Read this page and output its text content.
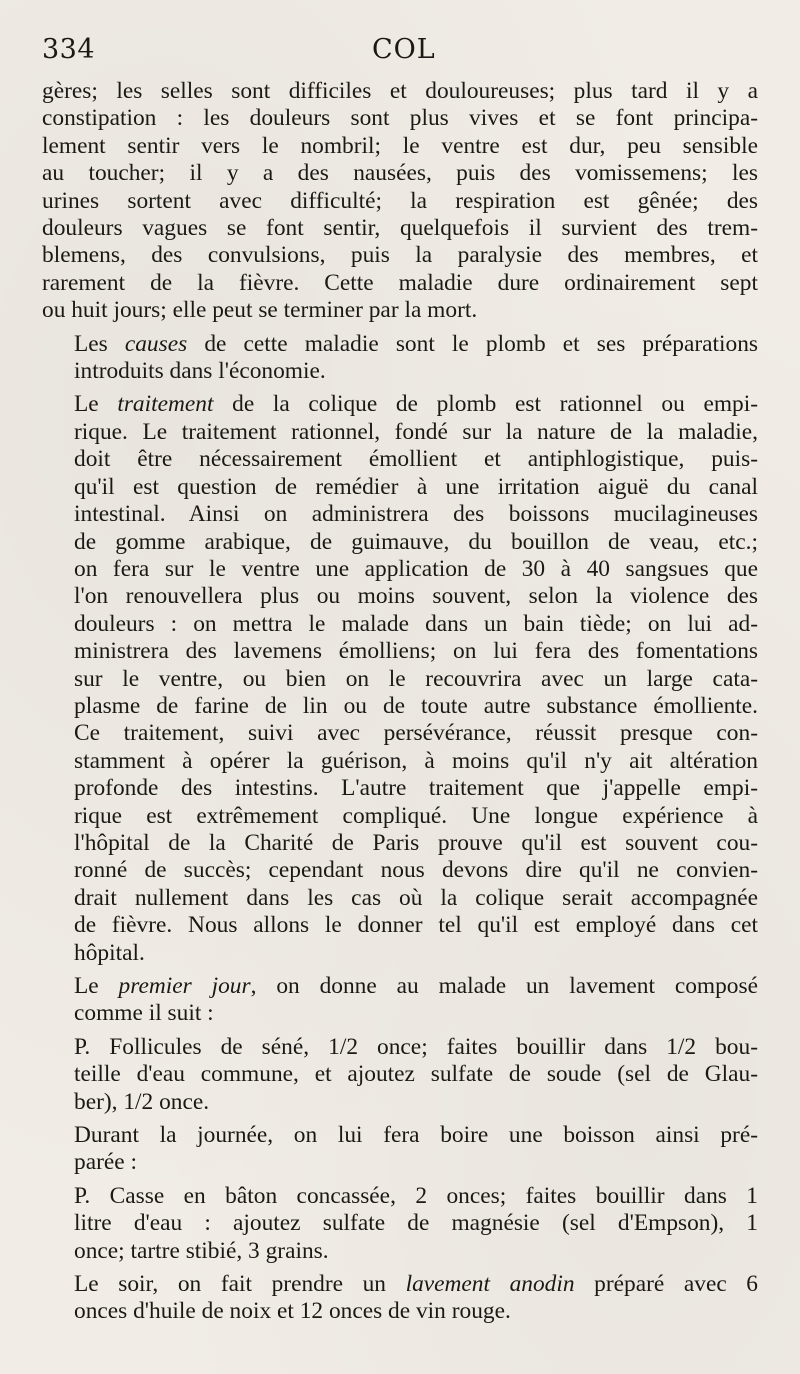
334	COL

gères; les selles sont difficiles et douloureuses; plus tard il y a
constipation : les douleurs sont plus vives et se font principa-
lement sentir vers le nombril; le ventre est dur, peu sensible
au toucher; il y a des nausées, puis des vomissemens; les
urines sortent avec difficulté; la respiration est gênée; des
douleurs vagues se font sentir, quelquefois il survient des trem-
blemens, des convulsions, puis la paralysie des membres, et
rarement de la fièvre. Cette maladie dure ordinairement sept
ou huit jours; elle peut se terminer par la mort.

Les causes de cette maladie sont le plomb et ses préparations
introduits dans l'économie.

Le traitement de la colique de plomb est rationnel ou empi-
rique. Le traitement rationnel, fondé sur la nature de la maladie,
doit être nécessairement émollient et antiphlogistique, puis-
qu'il est question de remédier à une irritation aiguë du canal
intestinal. Ainsi on administrera des boissons mucilagineuses
de gomme arabique, de guimauve, du bouillon de veau, etc.;
on fera sur le ventre une application de 30 à 40 sangsues que
l'on renouvellera plus ou moins souvent, selon la violence des
douleurs : on mettra le malade dans un bain tiède; on lui ad-
ministrera des lavemens émolliens; on lui fera des fomentations
sur le ventre, ou bien on le recouvrira avec un large cata-
plasme de farine de lin ou de toute autre substance émolliente.
Ce traitement, suivi avec persévérance, réussit presque con-
stamment à opérer la guérison, à moins qu'il n'y ait altération
profonde des intestins. L'autre traitement que j'appelle empi-
rique est extrêmement compliqué. Une longue expérience à
l'hôpital de la Charité de Paris prouve qu'il est souvent cou-
ronné de succès; cependant nous devons dire qu'il ne convien-
drait nullement dans les cas où la colique serait accompagnée
de fièvre. Nous allons le donner tel qu'il est employé dans cet
hôpital.

Le premier jour, on donne au malade un lavement composé
comme il suit :

P. Follicules de séné, 1/2 once; faites bouillir dans 1/2 bou-
teille d'eau commune, et ajoutez sulfate de soude (sel de Glau-
ber), 1/2 once.

Durant la journée, on lui fera boire une boisson ainsi pré-
parée :

P. Casse en bâton concassée, 2 onces; faites bouillir dans 1
litre d'eau : ajoutez sulfate de magnésie (sel d'Empson), 1
once; tartre stibié, 3 grains.

Le soir, on fait prendre un lavement anodin préparé avec 6
onces d'huile de noix et 12 onces de vin rouge.
